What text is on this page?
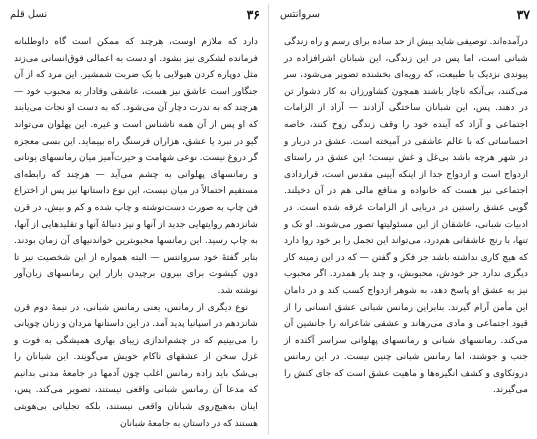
۳۶
نسل قلم

دارد که ملازم اوست، هرچند که ممکن است گاه داوطلبانه فرمانده لشکری نیز بشود. او دست به اعمالی فوق‌انسانی می‌زند مثل دوپاره کردن هیولایی با یک ضربت شمشیر. این مرد که از آن جنگاور است عاشق نیز هست، عاشقی وفادار به محبوب خود — هرچند که به ندرت دچار آن می‌شود. که به دست او نجات می‌یابند که او پس از آن همه ناشناس است و غیره. این پهلوان می‌تواند گیو در نبرد یا عشق، هزاران فرسنگ راه بپیماید. این بسی معجزه گر دروغ نیست. نوعی شهامت و حیرت‌آمیز میان رمانسهای یونانی و رمانسهای پهلوانی به چشم می‌آید — هرچند که رابطه‌ای مستقیم احتمالاً در میان نیست، این نوع داستانها نیز پس از اختراع فن چاپ به صورت دست‌نوشته و چاپ شده و کم و بیش، در قرن شانزدهم روایتهایی جدید از آنها و نیز دنبالهٔ آنها و تقلیدهایی از آنها، به چاپ رسید. این رمانسها محبوبترین خواندنیهای آن زمان بودند. بنابر گفتهٔ خود سروانتس — البته همواره از این شخصیت نیز تا دون کیشوت برای بیرون برچیدن بازار این رمانسهای زبان‌آور نوشته شد.

نوع دیگری از رمانس، یعنی رمانس شبانی، در نیمهٔ دوم قرن شانزدهم در اسپانیا پدید آمد. در این داستانها مردان و زنان چوپانی را می‌بینیم که در چشم‌اندازی زیبای بهاری همیشگی به فوت و غزل سخن از عشقهای ناکام خویش می‌گویند. این شبانان را بی‌شک باید زاده رمانس اغلب چون آدمها در جامعهٔ مدنی بدانیم که مدعا آن رمانس شبانی واقعی نیستند، تصویر می‌کند. پس، اینان به‌هیچ‌روی شبانان واقعی نیستند، بلکه تجلیاتی‌ بی‌هویتی هستند که در داستان به جامعهٔ شبانان

۳۷
سروانتس

درآمده‌اند. توصیفی شاید بیش از حد ساده برای رسم و راه زندگی شبانی است، اما پس در این زندگی، این شبانان اشرافزاده در پیوندی نزدیک با طبیعت، که رویه‌ای بخشنده تصویر می‌شود، سر می‌کنند، بی‌آنکه ناچار باشند همچون کشاورزان به کار دشوار تن در دهند. پس، این شبانان ساختگی آزادند — آزاد از الزامات اجتماعی و آزاد که آینده خود را وقف زندگی روح کنند، خاصه احساساتی که با عالم عاشقی در آمیخته است. عشق در دربار و در شهر هرچه باشد بی‌غل و غش نیست؛ این عشق در راستای ازدواج است و ازدواج جدا از اینکه آیینی مقدس است، قراردادی اجتماعی نیز هست که خانواده و منافع مالی هم در آن دخیلند. گویی عشق راستین در دریایی از الزامات غرقه شده است. در ادبیات شبانی، عاشقان از این مسئولیتها تصور می‌شوند. او تک و تنها، با رنج عاشقانی هم‌درد، می‌تواند این تجمل را بر خود روا دارد که هیچ کاری نداشته باشد جز فکر و گفتن — که در این زمینه کار دیگری ندارد جز خودش، محبوبش، و چند یار همدرد. اگر محبوب نیز به عشق او پاسخ دهد، به شوهر ازدواج کسب کند و در دامان این مأمن آرام گیرند. بنابراین رمانس شبانی عشق انسانی را از قیود اجتماعی و مادی می‌رهاند و عشقی شاعرانه را جانشین آن می‌کند. رمانسهای شبانی و رمانسهای پهلوانی سراسر آکنده از جنب و جوشند، اما رمانس شبانی چنین نیست. در این رمانس درونکاوی و کشف انگیزه‌ها و ماهیت عشق است که جای کنش را می‌گیرند.
